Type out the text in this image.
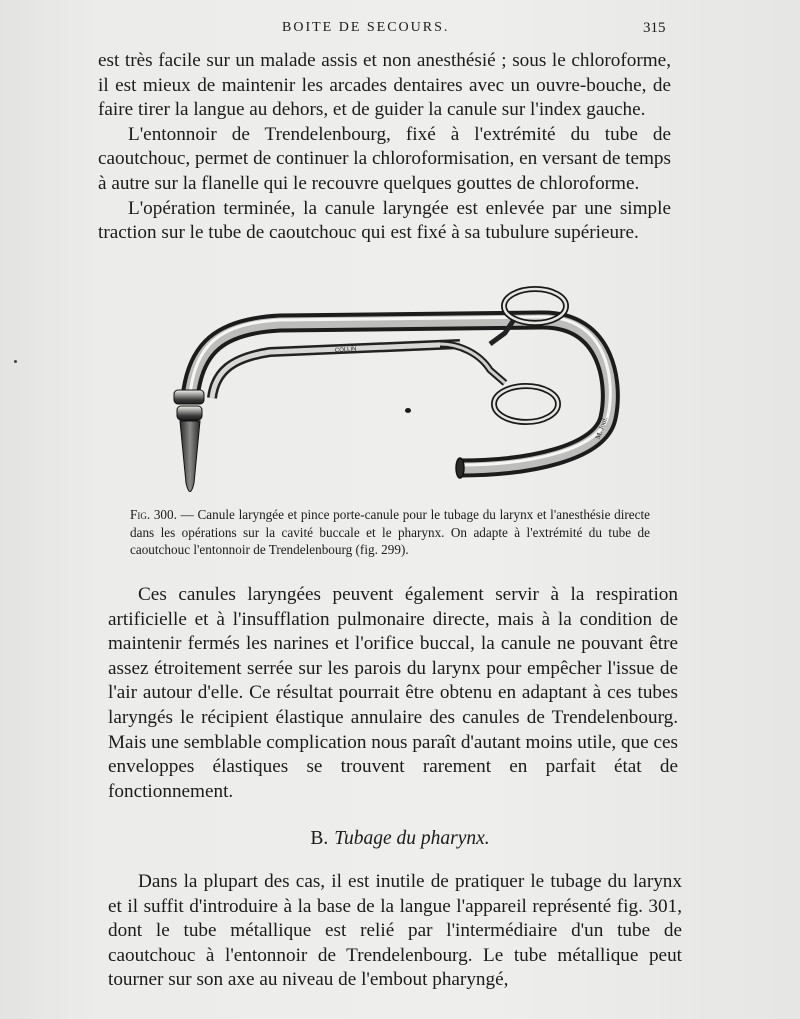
BOITE DE SECOURS.	315

est très facile sur un malade assis et non anesthésié ; sous le chloroforme, il est mieux de maintenir les arcades dentaires avec un ouvre-bouche, de faire tirer la langue au dehors, et de guider la canule sur l'index gauche.

L'entonnoir de Trendelenbourg, fixé à l'extrémité du tube de caoutchouc, permet de continuer la chloroformisation, en versant de temps à autre sur la flanelle qui le recouvre quelques gouttes de chloroforme.

L'opération terminée, la canule laryngée est enlevée par une simple traction sur le tube de caoutchouc qui est fixé à sa tubulure supérieure.

COLLIN
M. Joul.
Fig. 300. — Canule laryngée et pince porte-canule pour le tubage du larynx et l'anesthésie directe dans les opérations sur la cavité buccale et le pharynx. On adapte à l'extrémité du tube de caoutchouc l'entonnoir de Trendelenbourg (fig. 299).

Ces canules laryngées peuvent également servir à la respiration artificielle et à l'insufflation pulmonaire directe, mais à la condition de maintenir fermés les narines et l'orifice buccal, la canule ne pouvant être assez étroitement serrée sur les parois du larynx pour empêcher l'issue de l'air autour d'elle. Ce résultat pourrait être obtenu en adaptant à ces tubes laryngés le récipient élastique annulaire des canules de Trendelenbourg. Mais une semblable complication nous paraît d'autant moins utile, que ces enveloppes élastiques se trouvent rarement en parfait état de fonctionnement.

B. Tubage du pharynx.

Dans la plupart des cas, il est inutile de pratiquer le tubage du larynx et il suffit d'introduire à la base de la langue l'appareil représenté fig. 301, dont le tube métallique est relié par l'intermédiaire d'un tube de caoutchouc à l'entonnoir de Trendelenbourg. Le tube métallique peut tourner sur son axe au niveau de l'embout pharyngé,
